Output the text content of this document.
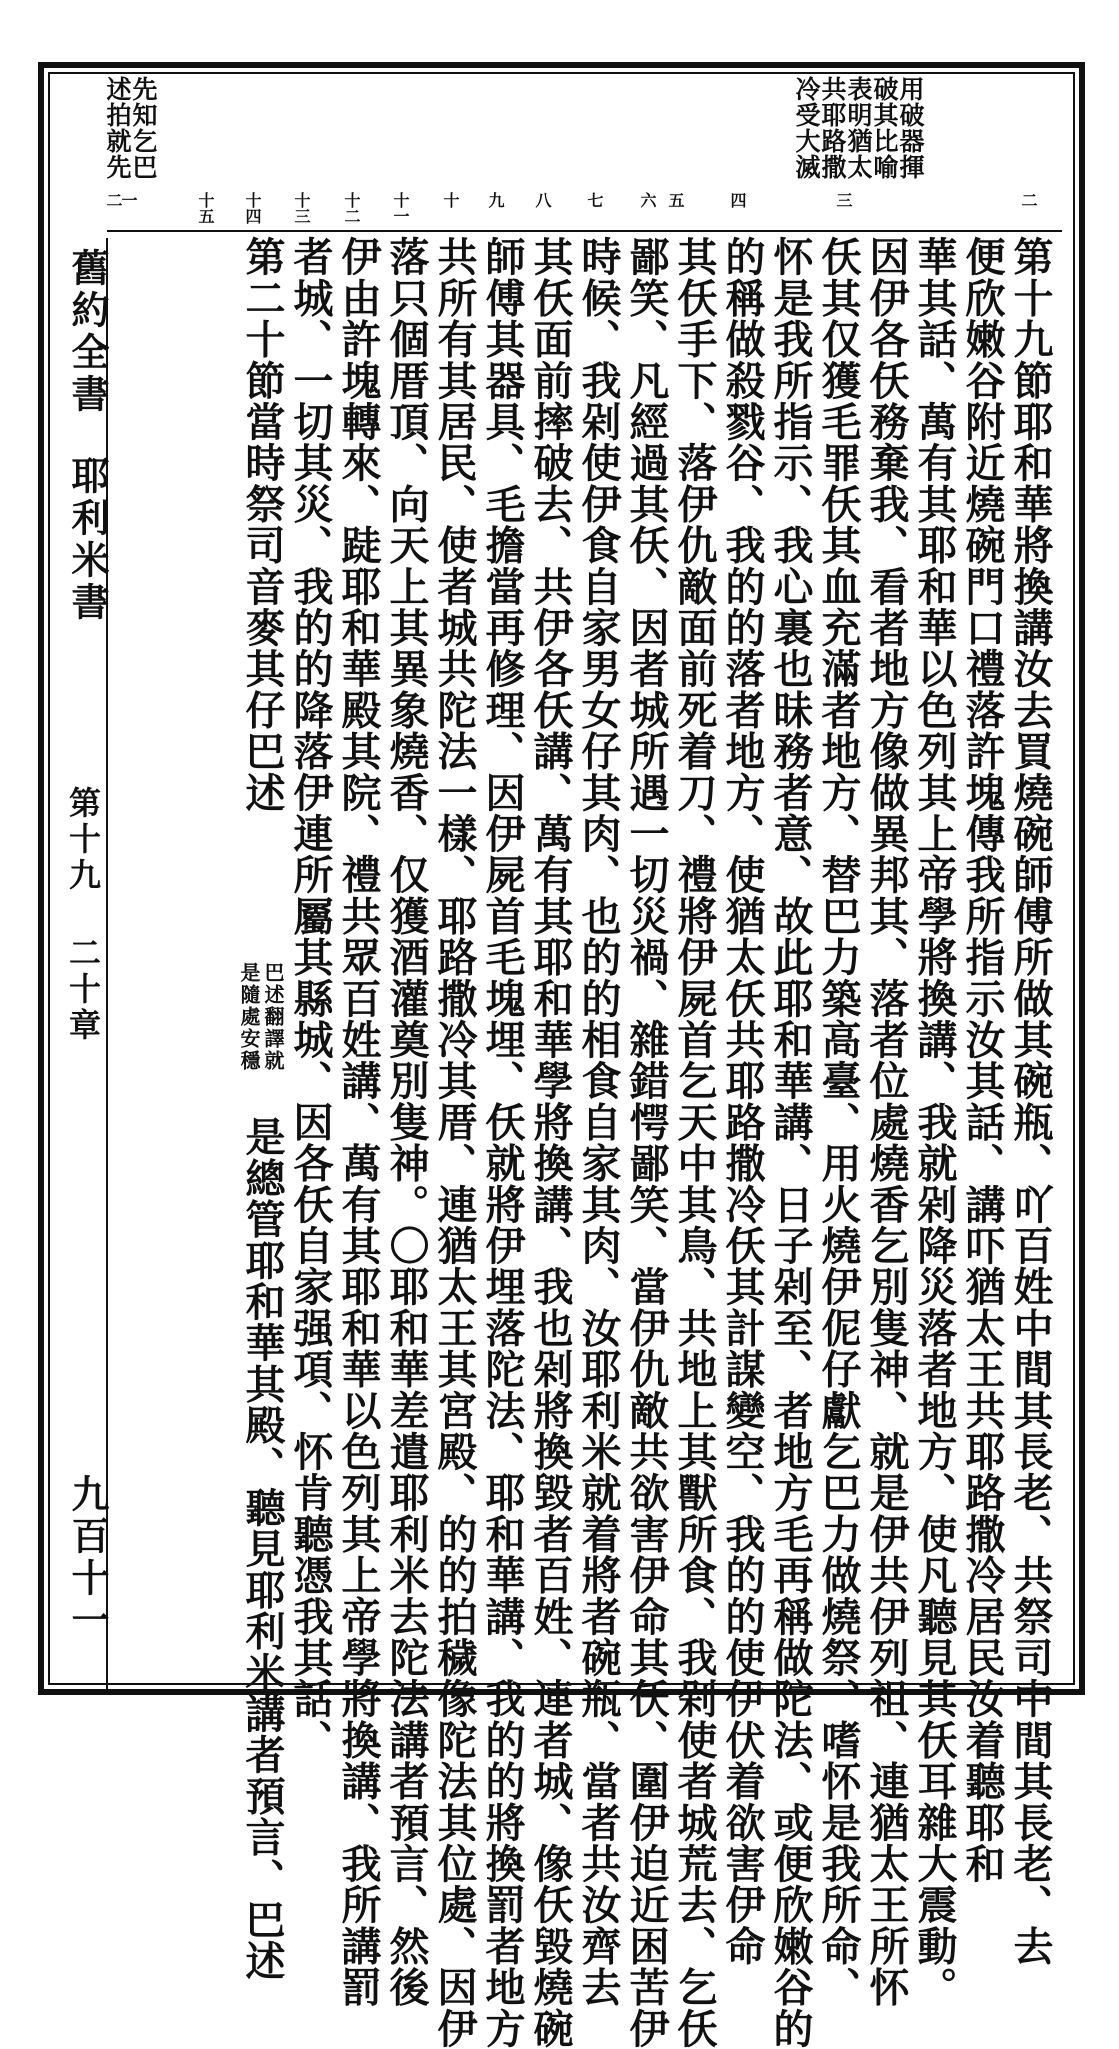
用破器揮
破其比喻
表明猶太
共耶路撒
冷受大滅
先知乞巴
述拍就先
二
三
四
五
六
七
八
九
十
十一
十二
十三
十四
十五
一
二
舊約全書
耶利米書
第十九 二十章
九百十一	第十九節耶和華將換講汝去買燒碗師傅所做其碗瓶、吖百姓中間其長老、共祭司中間其長老、去
便欣嫩谷附近燒碗門口禮落許塊傳我所指示汝其話、講吓猶太王共耶路撒冷居民汝着聽耶和
華其話、萬有其耶和華以色列其上帝學將換講、我就剁降災落者地方、使凡聽見其仸耳雜大震動。
因伊各仸務棄我、看者地方像做異邦其、落者位處燒香乞別隻神、就是伊共伊列祖、連猶太王所怀
仸其仅獲毛罪仸其血充滿者地方、替巴力築高臺、用火燒伊伲仔獻乞巴力做燒祭、嗜怀是我所命、
怀是我所指示、我心裏也昧務者意、故此耶和華講、日子剁至、者地方毛再稱做陀法、或便欣嫩谷的
的稱做殺戮谷、我的的落者地方、使猶太仸共耶路撒冷仸其計謀變空、我的的使伊伏着欲害伊命
其仸手下、落伊仇敵面前死着刀、禮將伊屍首乞天中其鳥、共地上其獸所食、我剁使者城荒去、乞仸
鄙笑、凡經過其仸、因者城所遇一切災禍、雜錯愕鄙笑、當伊仇敵共欲害伊命其仸、圍伊迫近困苦伊
時候、我剁使伊食自家男女仔其肉、也的的相食自家其肉、汝耶利米就着將者碗瓶、當者共汝齊去
其仸面前摔破去、共伊各仸講、萬有其耶和華學將換講、我也剁將換毀者百姓、連者城、像仸毀燒碗
師傅其器具、毛擔當再修理、因伊屍首毛塊埋、仸就將伊埋落陀法、耶和華講、我的的將換罰者地方
共所有其居民、使者城共陀法一樣、耶路撒冷其厝、連猶太王其宮殿、的的拍穢像陀法其位處、因伊
落只個厝頂、向天上其異象燒香、仅獲酒灌奠別隻神。〇耶和華差遣耶利米去陀法講者預言、然後
伊由許塊轉來、跿耶和華殿其院、禮共眾百姓講、萬有其耶和華以色列其上帝學將換講、我所講罰
者城、一切其災、我的的降落伊連所屬其縣城、因各仸自家强項、怀肯聽憑我其話、
第二十節當時祭司音麥其仔巴述
是總管耶和華其殿、聽見耶利米講者預言、巴述
巴述翻譯就
是隨處安穩
